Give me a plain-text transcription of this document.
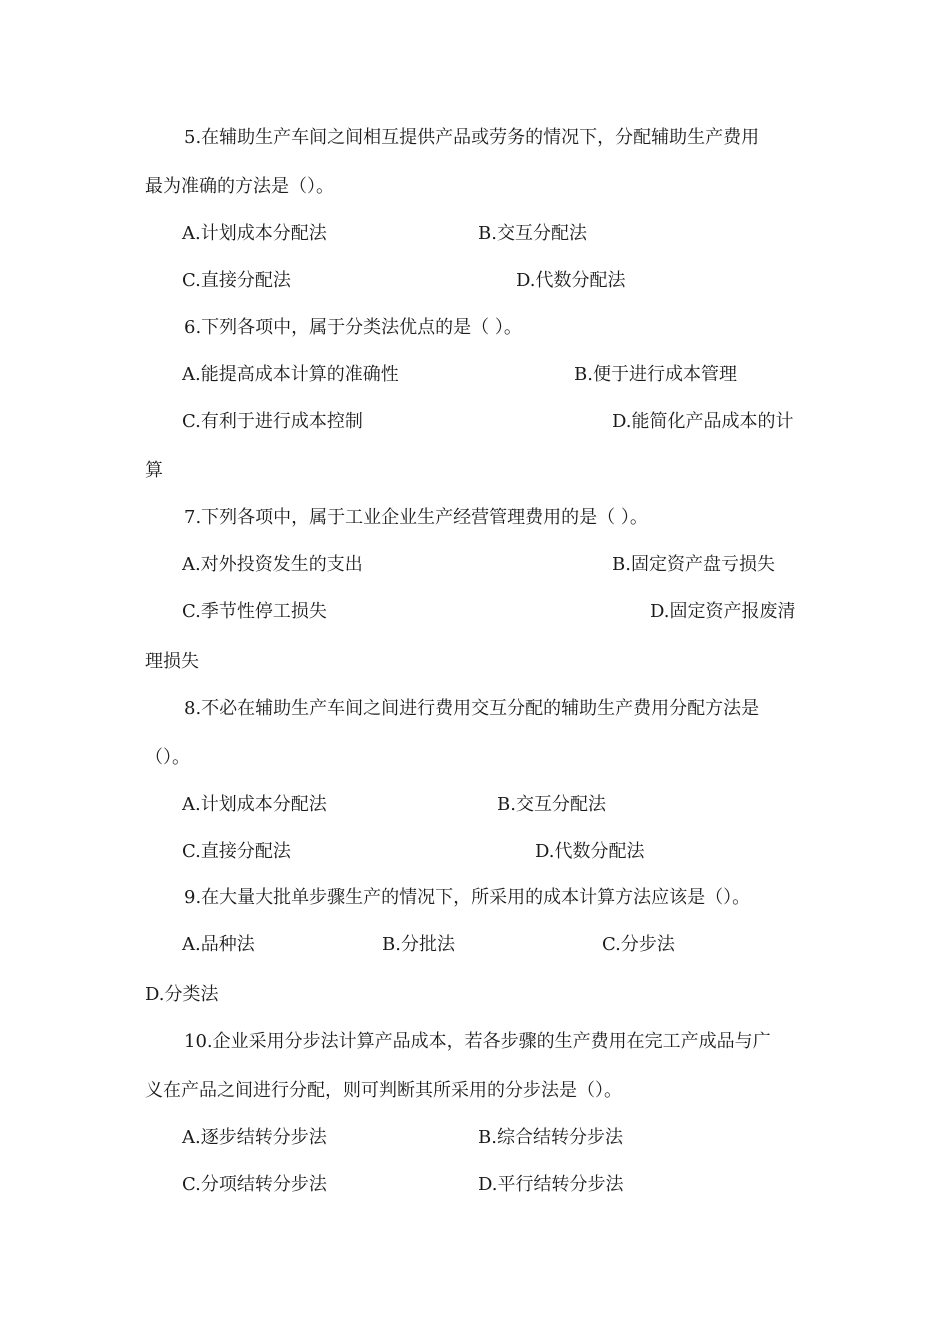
5.在辅助生产车间之间相互提供产品或劳务的情况下，分配辅助生产费用
最为准确的方法是（）。
A.计划成本分配法	B.交互分配法
C.直接分配法	D.代数分配法
6.下列各项中，属于分类法优点的是（ ）。
A.能提高成本计算的准确性	B.便于进行成本管理
C.有利于进行成本控制	D.能简化产品成本的计
算
7.下列各项中，属于工业企业生产经营管理费用的是（ ）。
A.对外投资发生的支出	B.固定资产盘亏损失
C.季节性停工损失	D.固定资产报废清
理损失
8.不必在辅助生产车间之间进行费用交互分配的辅助生产费用分配方法是
（）。
A.计划成本分配法	B.交互分配法
C.直接分配法	D.代数分配法
9.在大量大批单步骤生产的情况下，所采用的成本计算方法应该是（）。
A.品种法	B.分批法	C.分步法
D.分类法
10.企业采用分步法计算产品成本，若各步骤的生产费用在完工产成品与广
义在产品之间进行分配，则可判断其所采用的分步法是（）。
A.逐步结转分步法	B.综合结转分步法
C.分项结转分步法	D.平行结转分步法
